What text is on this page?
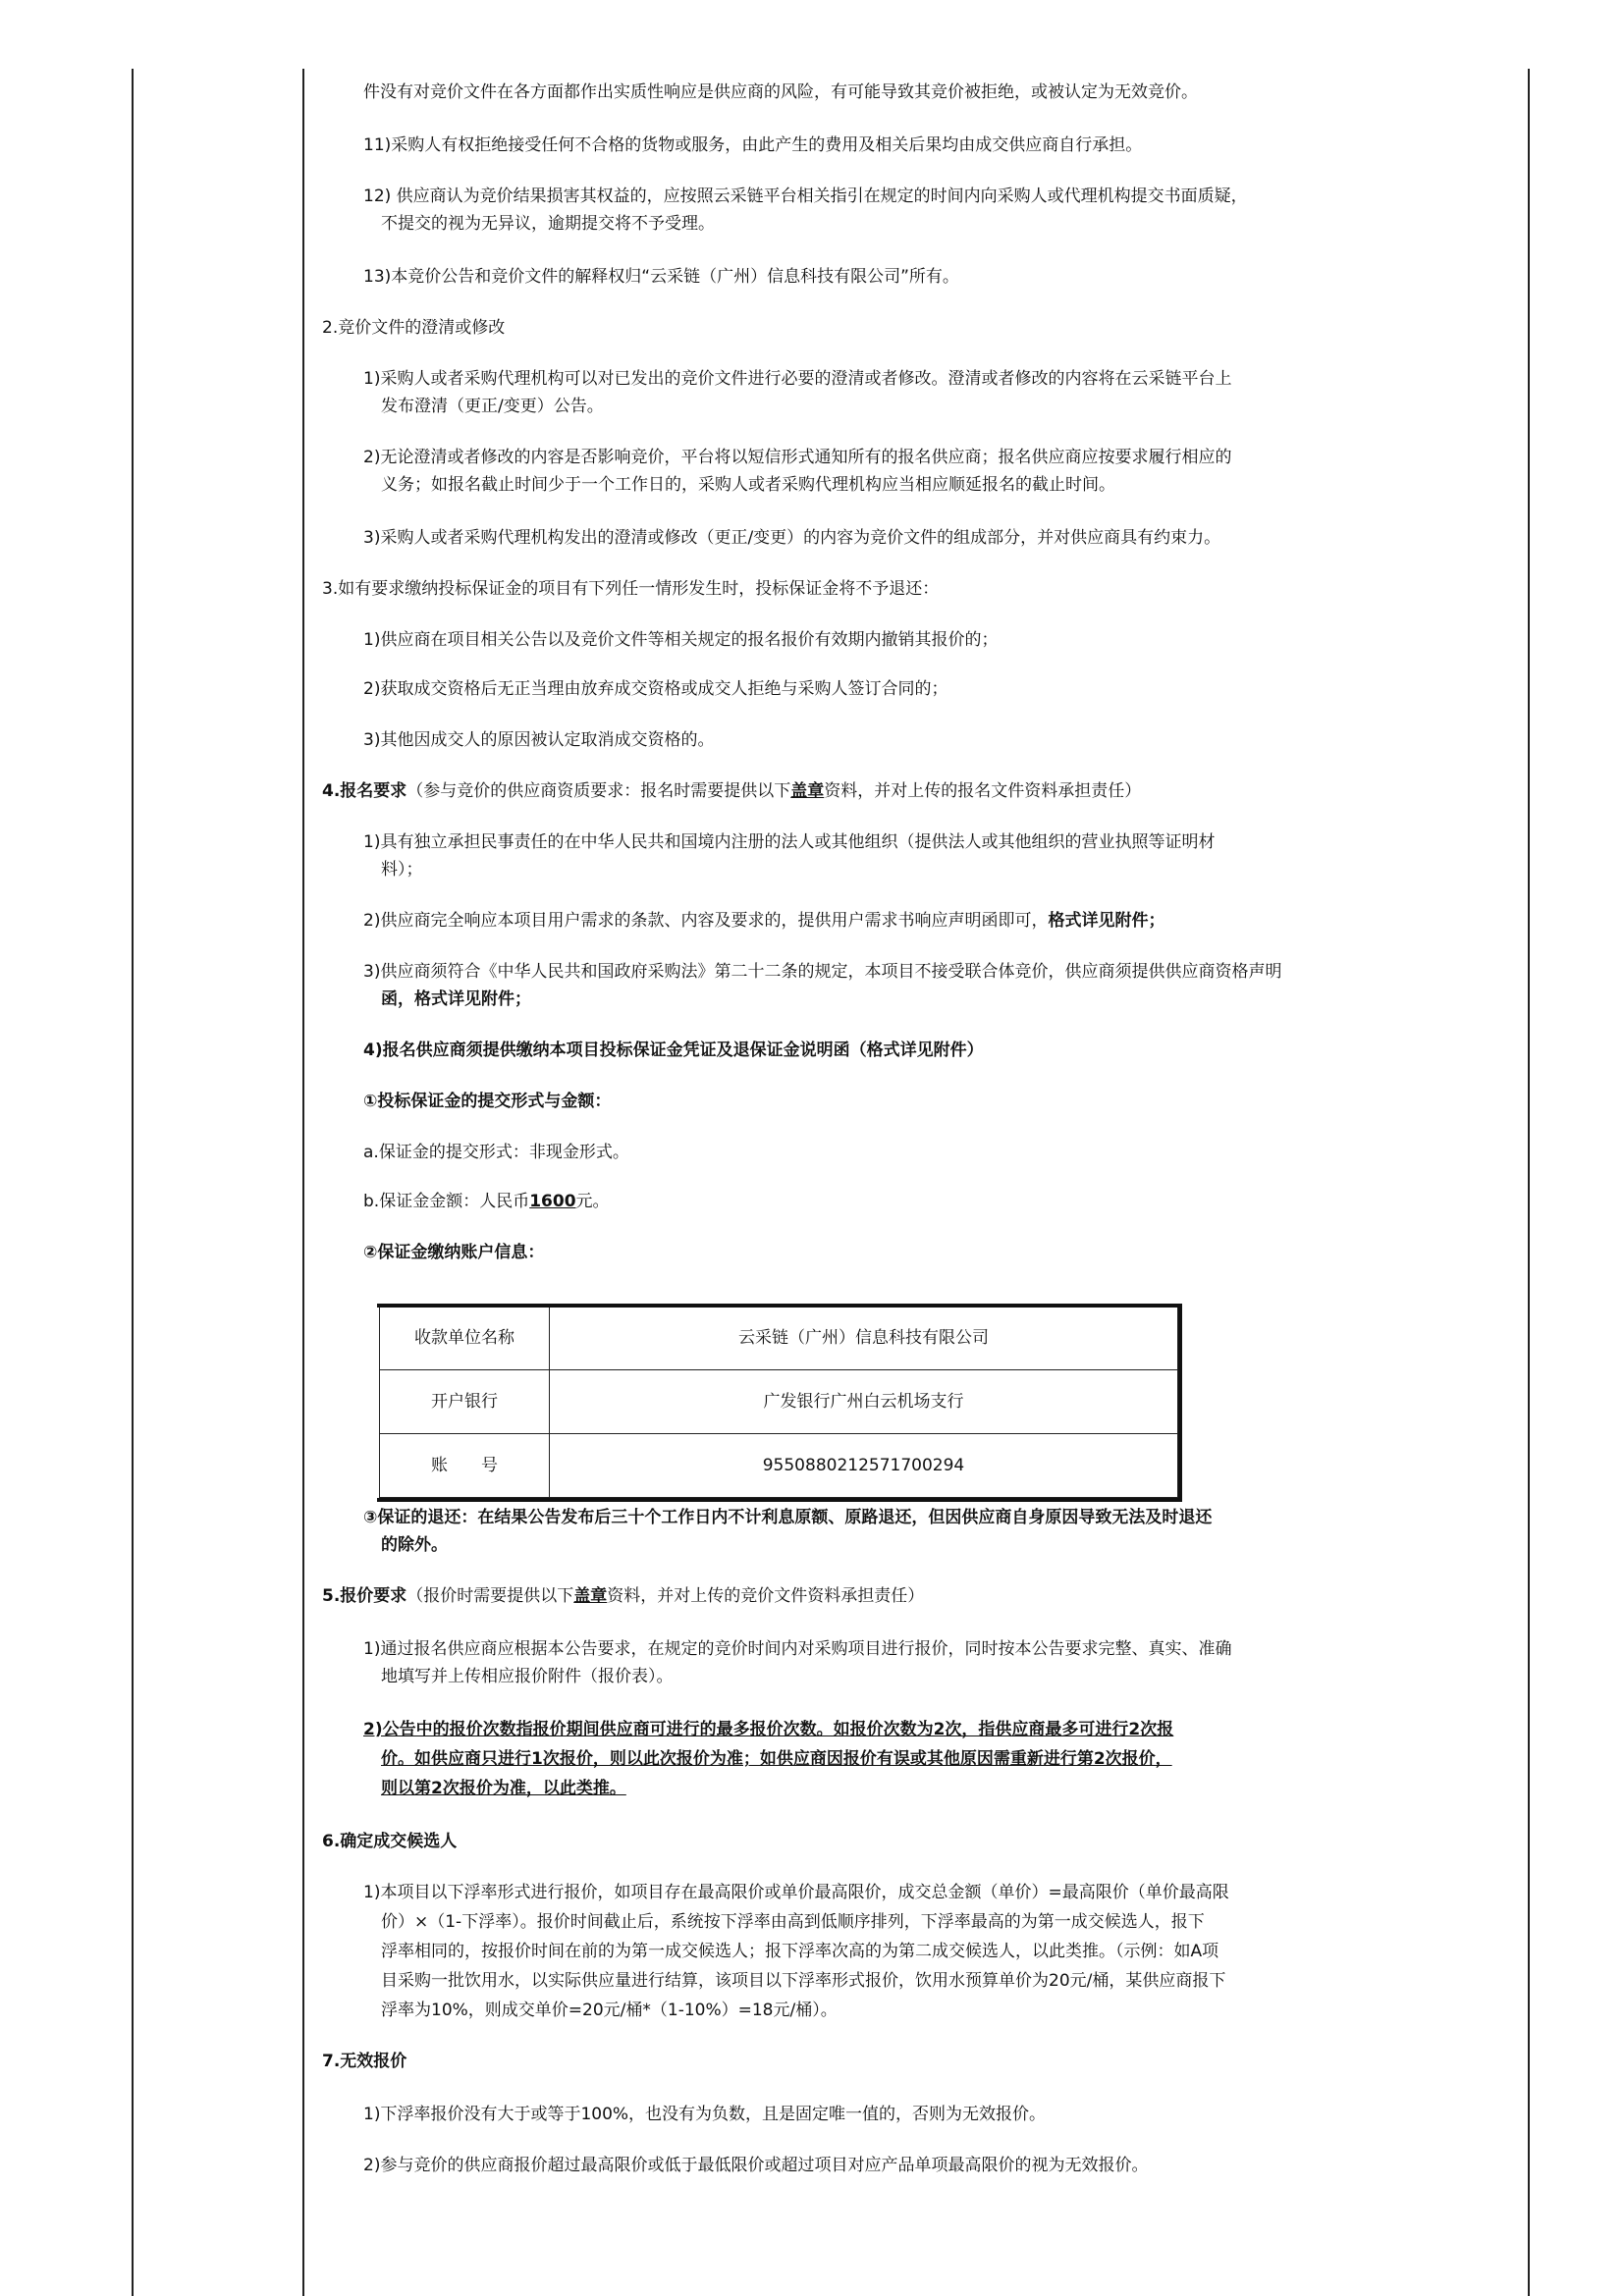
件没有对竞价文件在各方面都作出实质性响应是供应商的风险，有可能导致其竞价被拒绝，或被认定为无效竞价。
11)采购人有权拒绝接受任何不合格的货物或服务，由此产生的费用及相关后果均由成交供应商自行承担。
12) 供应商认为竞价结果损害其权益的，应按照云采链平台相关指引在规定的时间内向采购人或代理机构提交书面质疑，
不提交的视为无异议，逾期提交将不予受理。
13)本竞价公告和竞价文件的解释权归“云采链（广州）信息科技有限公司”所有。
2.竞价文件的澄清或修改
1)采购人或者采购代理机构可以对已发出的竞价文件进行必要的澄清或者修改。澄清或者修改的内容将在云采链平台上
发布澄清（更正/变更）公告。
2)无论澄清或者修改的内容是否影响竞价，平台将以短信形式通知所有的报名供应商；报名供应商应按要求履行相应的
义务；如报名截止时间少于一个工作日的，采购人或者采购代理机构应当相应顺延报名的截止时间。
3)采购人或者采购代理机构发出的澄清或修改（更正/变更）的内容为竞价文件的组成部分，并对供应商具有约束力。
3.如有要求缴纳投标保证金的项目有下列任一情形发生时，投标保证金将不予退还：
1)供应商在项目相关公告以及竞价文件等相关规定的报名报价有效期内撤销其报价的；
2)获取成交资格后无正当理由放弃成交资格或成交人拒绝与采购人签订合同的；
3)其他因成交人的原因被认定取消成交资格的。
4.报名要求（参与竞价的供应商资质要求：报名时需要提供以下盖章资料，并对上传的报名文件资料承担责任）
1)具有独立承担民事责任的在中华人民共和国境内注册的法人或其他组织（提供法人或其他组织的营业执照等证明材
料）；
2)供应商完全响应本项目用户需求的条款、内容及要求的，提供用户需求书响应声明函即可，格式详见附件；
3)供应商须符合《中华人民共和国政府采购法》第二十二条的规定，本项目不接受联合体竞价，供应商须提供供应商资格声明
函，格式详见附件；
4)报名供应商须提供缴纳本项目投标保证金凭证及退保证金说明函（格式详见附件）
①投标保证金的提交形式与金额：
a.保证金的提交形式：非现金形式。
b.保证金金额：人民币1600元。
②保证金缴纳账户信息：
收款单位名称	云采链（广州）信息科技有限公司
开户银行	广发银行广州白云机场支行
账　　号	9550880212571700294
③保证的退还：在结果公告发布后三十个工作日内不计利息原额、原路退还，但因供应商自身原因导致无法及时退还
的除外。
5.报价要求（报价时需要提供以下盖章资料，并对上传的竞价文件资料承担责任）
1)通过报名供应商应根据本公告要求，在规定的竞价时间内对采购项目进行报价，同时按本公告要求完整、真实、准确
地填写并上传相应报价附件（报价表）。
2)公告中的报价次数指报价期间供应商可进行的最多报价次数。如报价次数为2次，指供应商最多可进行2次报
价。如供应商只进行1次报价，则以此次报价为准；如供应商因报价有误或其他原因需重新进行第2次报价，
则以第2次报价为准，以此类推。
6.确定成交候选人
1)本项目以下浮率形式进行报价，如项目存在最高限价或单价最高限价，成交总金额（单价）=最高限价（单价最高限
价）×（1-下浮率）。报价时间截止后，系统按下浮率由高到低顺序排列，下浮率最高的为第一成交候选人，报下
浮率相同的，按报价时间在前的为第一成交候选人；报下浮率次高的为第二成交候选人，以此类推。（示例：如A项
目采购一批饮用水，以实际供应量进行结算，该项目以下浮率形式报价，饮用水预算单价为20元/桶，某供应商报下
浮率为10%，则成交单价=20元/桶*（1-10%）=18元/桶）。
7.无效报价
1)下浮率报价没有大于或等于100%，也没有为负数，且是固定唯一值的，否则为无效报价。
2)参与竞价的供应商报价超过最高限价或低于最低限价或超过项目对应产品单项最高限价的视为无效报价。
